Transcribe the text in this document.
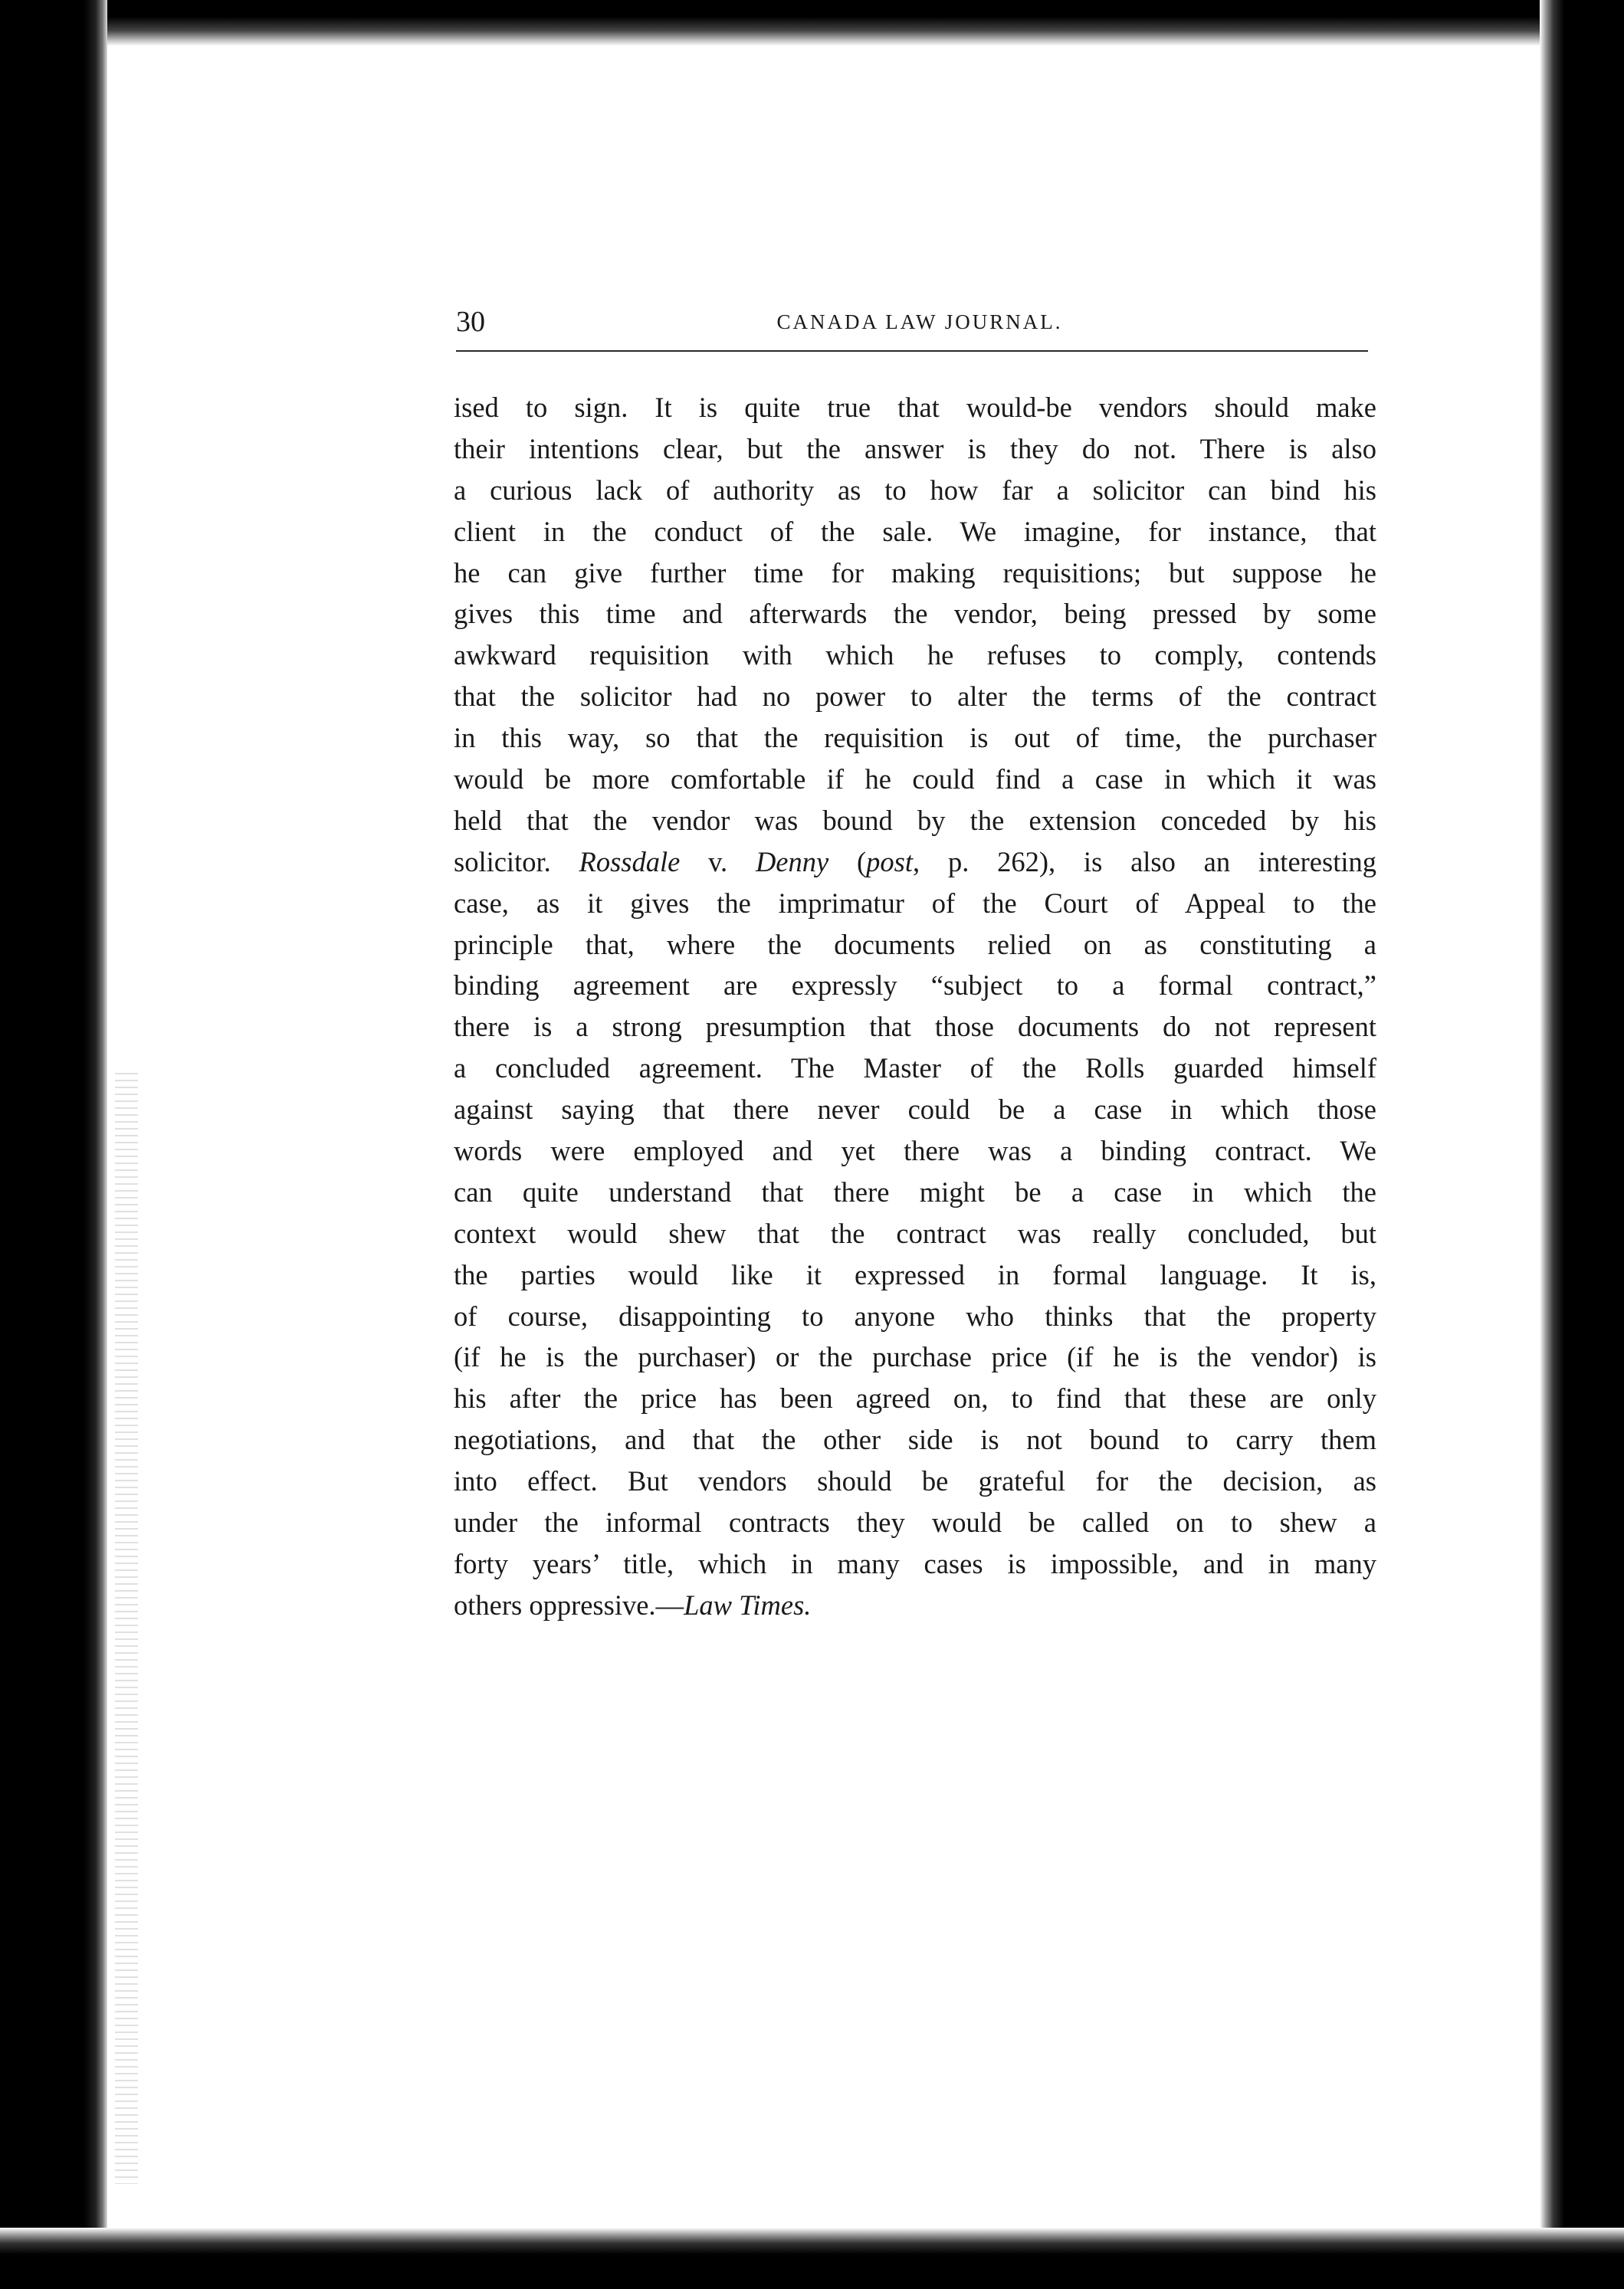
30	CANADA LAW JOURNAL.
ised to sign. It is quite true that would-be vendors should make
their intentions clear, but the answer is they do not. There is also
a curious lack of authority as to how far a solicitor can bind his
client in the conduct of the sale. We imagine, for instance, that
he can give further time for making requisitions; but suppose he
gives this time and afterwards the vendor, being pressed by some
awkward requisition with which he refuses to comply, contends
that the solicitor had no power to alter the terms of the contract
in this way, so that the requisition is out of time, the purchaser
would be more comfortable if he could find a case in which it was
held that the vendor was bound by the extension conceded by his
solicitor. Rossdale v. Denny (post, p. 262), is also an interesting
case, as it gives the imprimatur of the Court of Appeal to the
principle that, where the documents relied on as constituting a
binding agreement are expressly “subject to a formal contract,”
there is a strong presumption that those documents do not represent
a concluded agreement. The Master of the Rolls guarded himself
against saying that there never could be a case in which those
words were employed and yet there was a binding contract. We
can quite understand that there might be a case in which the
context would shew that the contract was really concluded, but
the parties would like it expressed in formal language. It is,
of course, disappointing to anyone who thinks that the property
(if he is the purchaser) or the purchase price (if he is the vendor) is
his after the price has been agreed on, to find that these are only
negotiations, and that the other side is not bound to carry them
into effect. But vendors should be grateful for the decision, as
under the informal contracts they would be called on to shew a
forty years’ title, which in many cases is impossible, and in many
others oppressive.—Law Times.
